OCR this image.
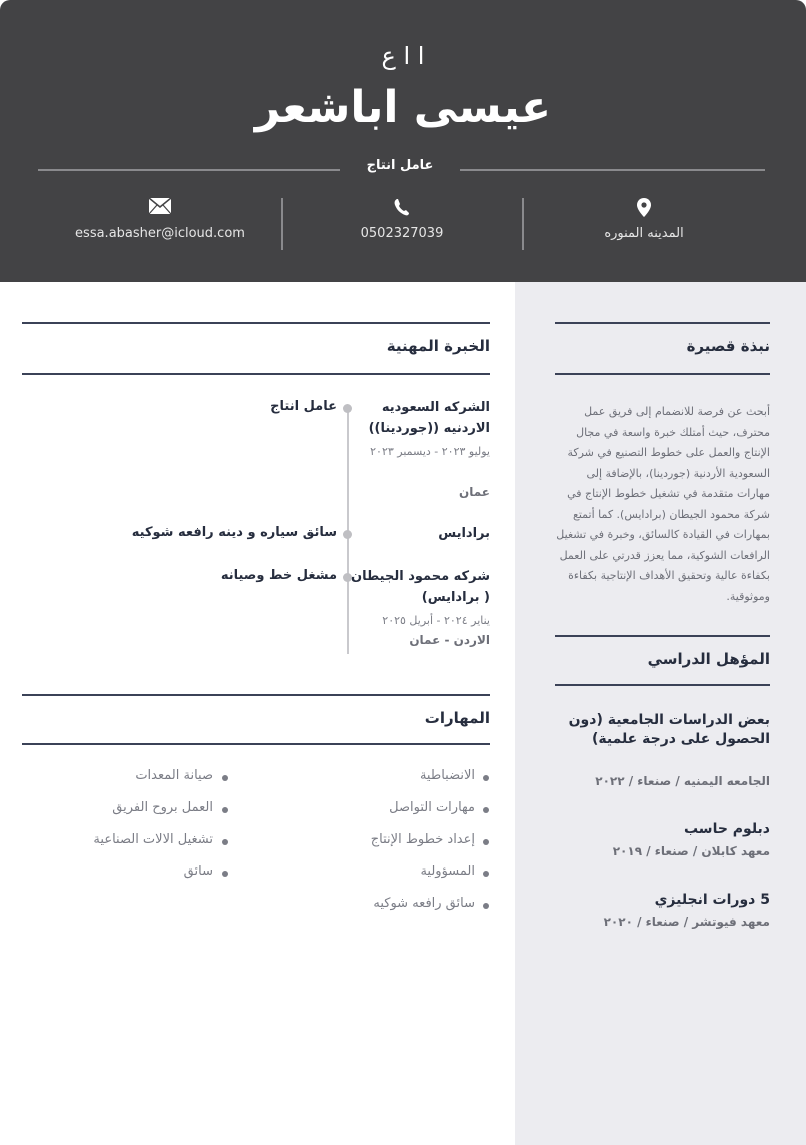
ا ا ع
عيسى اباشعر
عامل انتاج
essa.abasher@icloud.com	0502327039	المدينه المنوره
نبذة قصيرة
أبحث عن فرصة للانضمام إلى فريق عمل محترف، حيث أمتلك خبرة واسعة في مجال الإنتاج والعمل على خطوط التصنيع في شركة السعودية الأردنية (جوردينا)، بالإضافة إلى مهارات متقدمة في تشغيل خطوط الإنتاج في شركة محمود الجيطان (برادايس). كما أتمتع بمهارات في القيادة كالسائق، وخبرة في تشغيل الرافعات الشوكية، مما يعزز قدرتي على العمل بكفاءة عالية وتحقيق الأهداف الإنتاجية بكفاءة وموثوقية.
المؤهل الدراسي
بعض الدراسات الجامعية (دون الحصول على درجة علمية)
الجامعه اليمنيه / صنعاء / ٢٠٢٢
دبلوم حاسب
معهد كابلان / صنعاء / ٢٠١٩
5 دورات انجليزي
معهد فيوتشر / صنعاء / ٢٠٢٠
الخبرة المهنية
الشركه السعوديه الاردنيه ((جوردينا))
عامل انتاج
يوليو ٢٠٢٣ - ديسمبر ٢٠٢٣
عمان
برادايس
سائق سياره و دينه رافعه شوكيه
شركه محمود الجيطان ( برادايس)
مشغل خط وصيانه
يناير ٢٠٢٤ - أبريل ٢٠٢٥
الاردن - عمان
المهارات
الانضباطية
مهارات التواصل
إعداد خطوط الإنتاج
المسؤولية
سائق رافعه شوكيه
صيانة المعدات
العمل بروح الفريق
تشغيل الالات الصناعية
سائق
